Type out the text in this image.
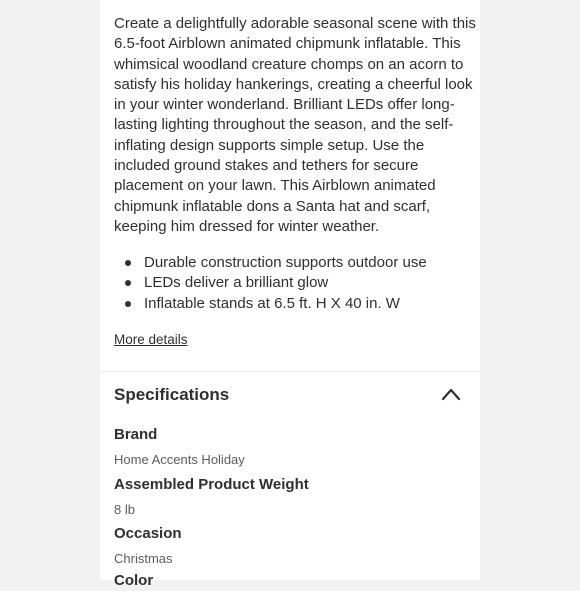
Create a delightfully adorable seasonal scene with this 6.5-foot Airblown animated chipmunk inflatable. This whimsical woodland creature chomps on an acorn to satisfy his holiday hankerings, creating a cheerful look in your winter wonderland. Brilliant LEDs offer long-lasting lighting throughout the season, and the self-inflating design supports simple setup. Use the included ground stakes and tethers for secure placement on your lawn. This Airblown animated chipmunk inflatable dons a Santa hat and scarf, keeping him dressed for winter weather.

Durable construction supports outdoor use
LEDs deliver a brilliant glow
Inflatable stands at 6.5 ft. H X 40 in. W
More details
Specifications
Brand
Home Accents Holiday
Assembled Product Weight
8 lb
Occasion
Christmas
Color
